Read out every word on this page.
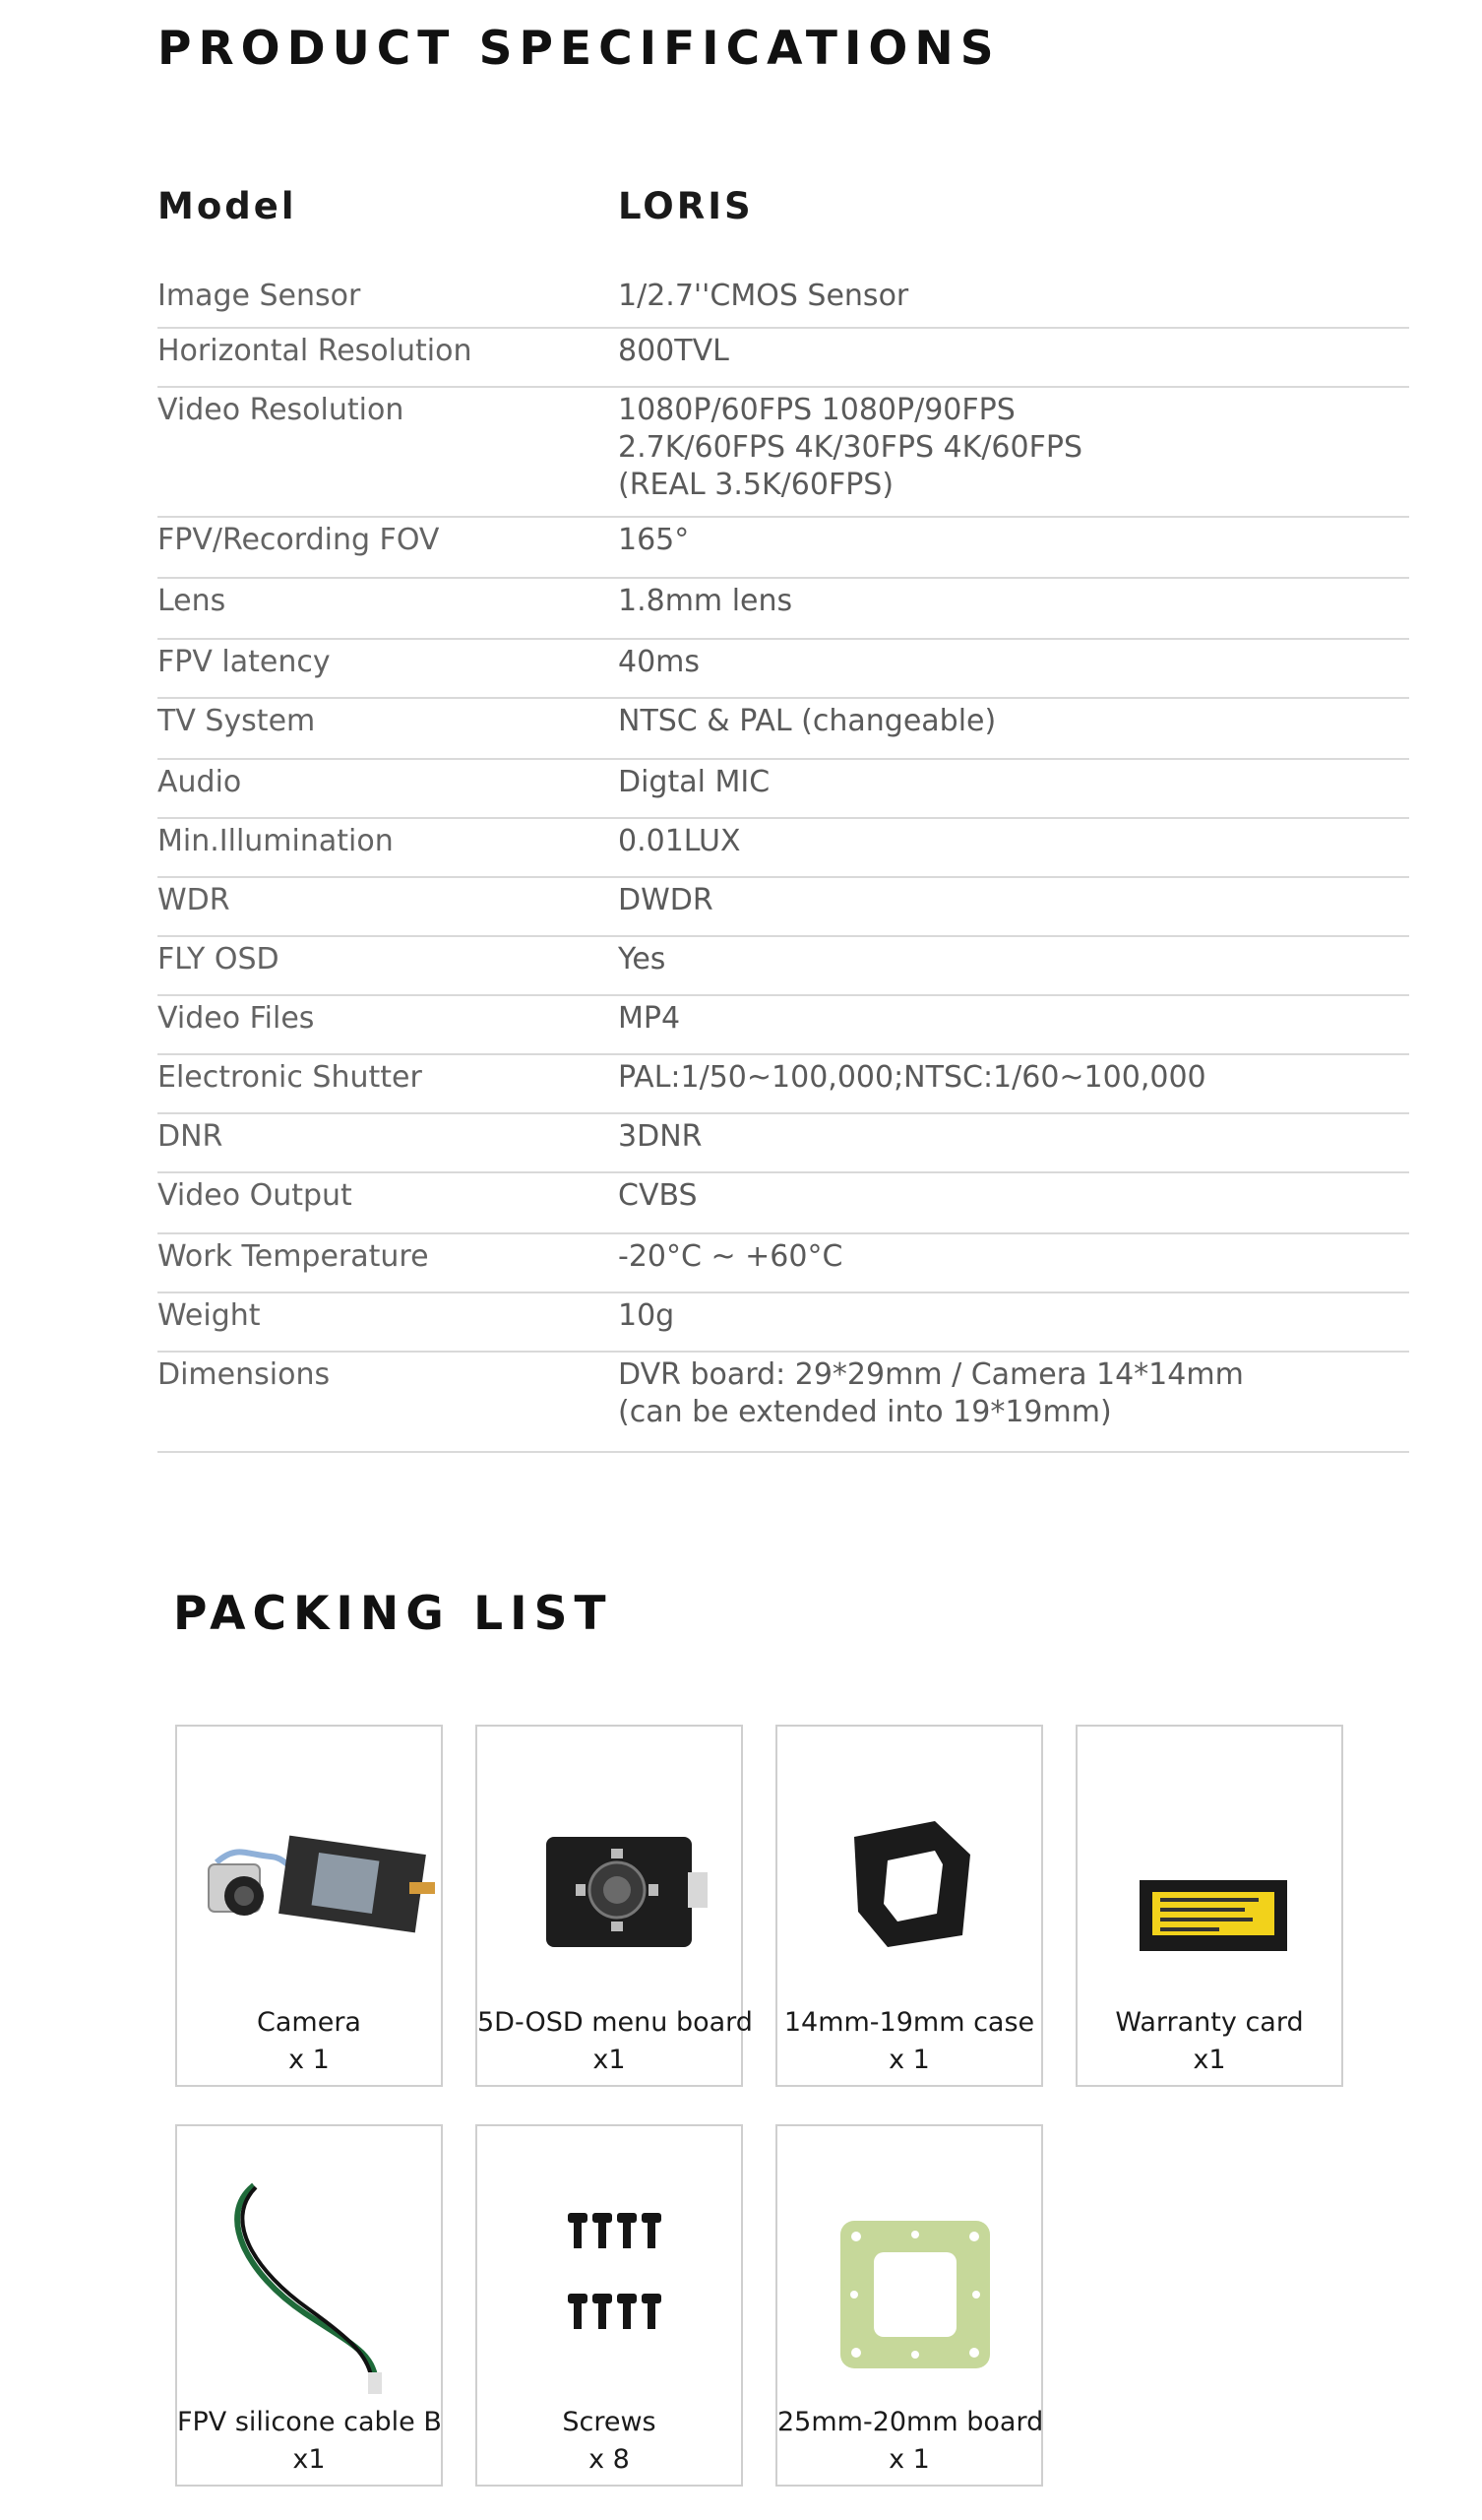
PRODUCT SPECIFICATIONS
Model	LORIS
Image Sensor	1/2.7''CMOS Sensor
Horizontal Resolution	800TVL
Video Resolution	1080P/60FPS 1080P/90FPS
2.7K/60FPS 4K/30FPS 4K/60FPS
(REAL 3.5K/60FPS)
FPV/Recording FOV	165°
Lens	1.8mm lens
FPV latency	40ms
TV System	NTSC & PAL (changeable)
Audio	Digtal MIC
Min.Illumination	0.01LUX
WDR	DWDR
FLY OSD	Yes
Video Files	MP4
Electronic Shutter	PAL:1/50~100,000;NTSC:1/60~100,000
DNR	3DNR
Video Output	CVBS
Work Temperature	-20°C ~ +60°C
Weight	10g
Dimensions	DVR board: 29*29mm / Camera 14*14mm
(can be extended into 19*19mm)
PACKING LIST
Camera
x 1
5D-OSD menu board
x1
14mm-19mm case
x 1
Warranty card
x1
FPV silicone cable B
x1
Screws
x 8
25mm-20mm board
x 1
